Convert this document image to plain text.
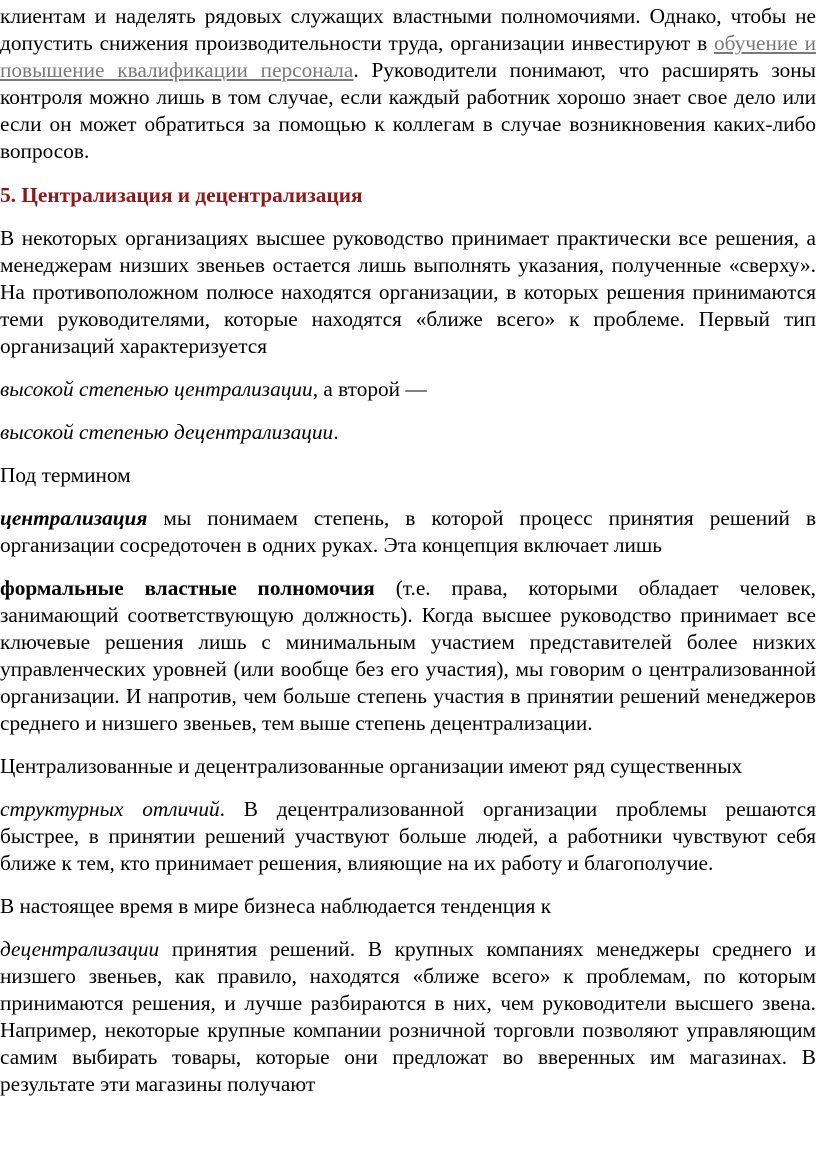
клиентам и наделять рядовых служащих властными полномочиями. Однако, чтобы не допустить снижения производительности труда, организации инвестируют в обучение и повышение квалификации персонала. Руководители понимают, что расширять зоны контроля можно лишь в том случае, если каждый работник хорошо знает свое дело или если он может обратиться за помощью к коллегам в случае возникновения каких-либо вопросов.

5. Централизация и децентрализация

В некоторых организациях высшее руководство принимает практически все решения, а менеджерам низших звеньев остается лишь выполнять указания, полученные «сверху». На противоположном полюсе находятся организации, в которых решения принимаются теми руководителями, которые находятся «ближе всего» к проблеме. Первый тип организаций характеризуется

высокой степенью централизации, а второй —

высокой степенью децентрализации.

Под термином

централизация мы понимаем степень, в которой процесс принятия решений в организации сосредоточен в одних руках. Эта концепция включает лишь

формальные властные полномочия (т.е. права, которыми обладает человек, занимающий соответствующую должность). Когда высшее руководство принимает все ключевые решения лишь с минимальным участием представителей более низких управленческих уровней (или вообще без его участия), мы говорим о централизованной организации. И напротив, чем больше степень участия в принятии решений менеджеров среднего и низшего звеньев, тем выше степень децентрализации.

Централизованные и децентрализованные организации имеют ряд существенных

структурных отличий. В децентрализованной организации проблемы решаются быстрее, в принятии решений участвуют больше людей, а работники чувствуют себя ближе к тем, кто принимает решения, влияющие на их работу и благополучие.

В настоящее время в мире бизнеса наблюдается тенденция к

децентрализации принятия решений. В крупных компаниях менеджеры среднего и низшего звеньев, как правило, находятся «ближе всего» к проблемам, по которым принимаются решения, и лучше разбираются в них, чем руководители высшего звена. Например, некоторые крупные компании розничной торговли позволяют управляющим самим выбирать товары, которые они предложат во вверенных им магазинах. В результате эти магазины получают
